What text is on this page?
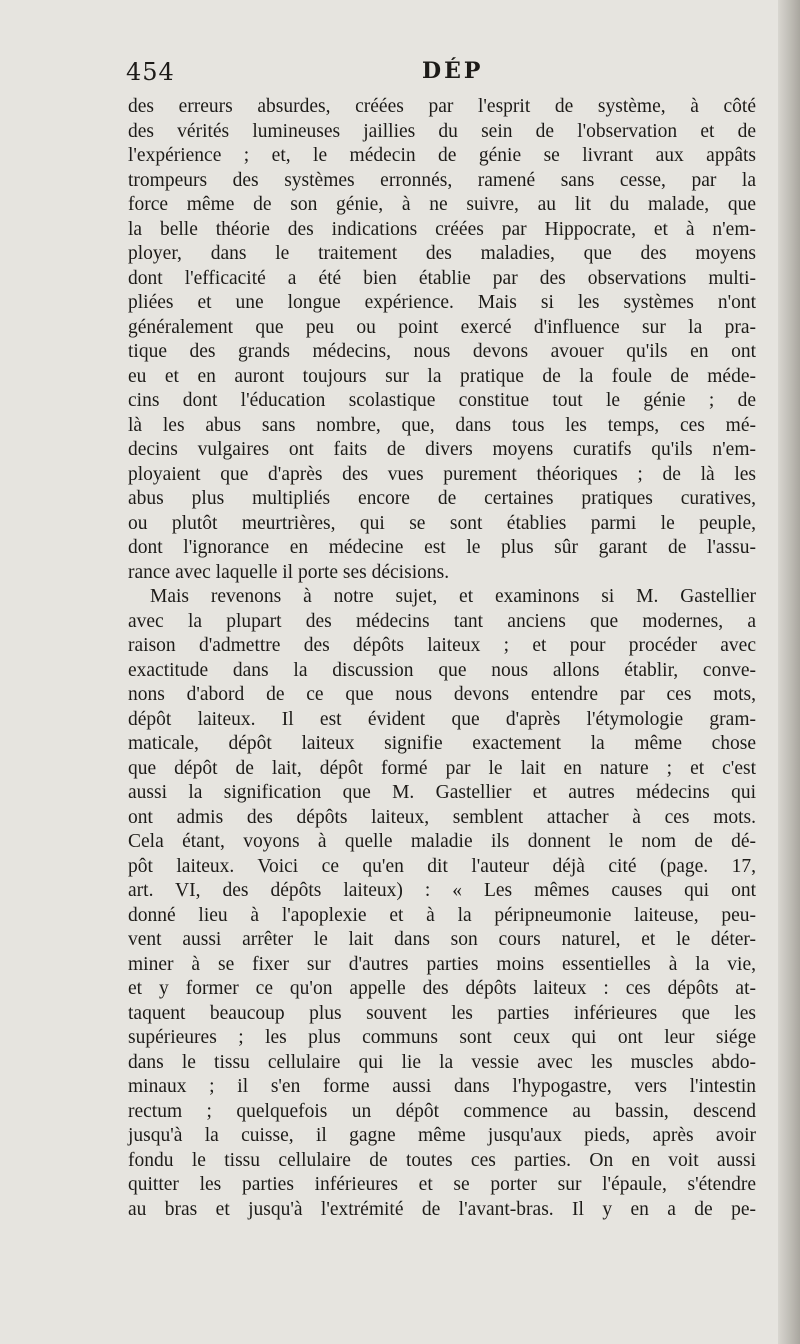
454	DÉP
des erreurs absurdes, créées par l'esprit de système, à côté
des vérités lumineuses jaillies du sein de l'observation et de
l'expérience ; et, le médecin de génie se livrant aux appâts
trompeurs des systèmes erronnés, ramené sans cesse, par la
force même de son génie, à ne suivre, au lit du malade, que
la belle théorie des indications créées par Hippocrate, et à n'em-
ployer, dans le traitement des maladies, que des moyens
dont l'efficacité a été bien établie par des observations multi-
pliées et une longue expérience. Mais si les systèmes n'ont
généralement que peu ou point exercé d'influence sur la pra-
tique des grands médecins, nous devons avouer qu'ils en ont
eu et en auront toujours sur la pratique de la foule de méde-
cins dont l'éducation scolastique constitue tout le génie ; de
là les abus sans nombre, que, dans tous les temps, ces mé-
decins vulgaires ont faits de divers moyens curatifs qu'ils n'em-
ployaient que d'après des vues purement théoriques ; de là les
abus plus multipliés encore de certaines pratiques curatives,
ou plutôt meurtrières, qui se sont établies parmi le peuple,
dont l'ignorance en médecine est le plus sûr garant de l'assu-
rance avec laquelle il porte ses décisions.
Mais revenons à notre sujet, et examinons si M. Gastellier
avec la plupart des médecins tant anciens que modernes, a
raison d'admettre des dépôts laiteux ; et pour procéder avec
exactitude dans la discussion que nous allons établir, conve-
nons d'abord de ce que nous devons entendre par ces mots,
dépôt laiteux. Il est évident que d'après l'étymologie gram-
maticale, dépôt laiteux signifie exactement la même chose
que dépôt de lait, dépôt formé par le lait en nature ; et c'est
aussi la signification que M. Gastellier et autres médecins qui
ont admis des dépôts laiteux, semblent attacher à ces mots.
Cela étant, voyons à quelle maladie ils donnent le nom de dé-
pôt laiteux. Voici ce qu'en dit l'auteur déjà cité (page. 17,
art. VI, des dépôts laiteux) : « Les mêmes causes qui ont
donné lieu à l'apoplexie et à la péripneumonie laiteuse, peu-
vent aussi arrêter le lait dans son cours naturel, et le déter-
miner à se fixer sur d'autres parties moins essentielles à la vie,
et y former ce qu'on appelle des dépôts laiteux : ces dépôts at-
taquent beaucoup plus souvent les parties inférieures que les
supérieures ; les plus communs sont ceux qui ont leur siége
dans le tissu cellulaire qui lie la vessie avec les muscles abdo-
minaux ; il s'en forme aussi dans l'hypogastre, vers l'intestin
rectum ; quelquefois un dépôt commence au bassin, descend
jusqu'à la cuisse, il gagne même jusqu'aux pieds, après avoir
fondu le tissu cellulaire de toutes ces parties. On en voit aussi
quitter les parties inférieures et se porter sur l'épaule, s'étendre
au bras et jusqu'à l'extrémité de l'avant-bras. Il y en a de pe-
